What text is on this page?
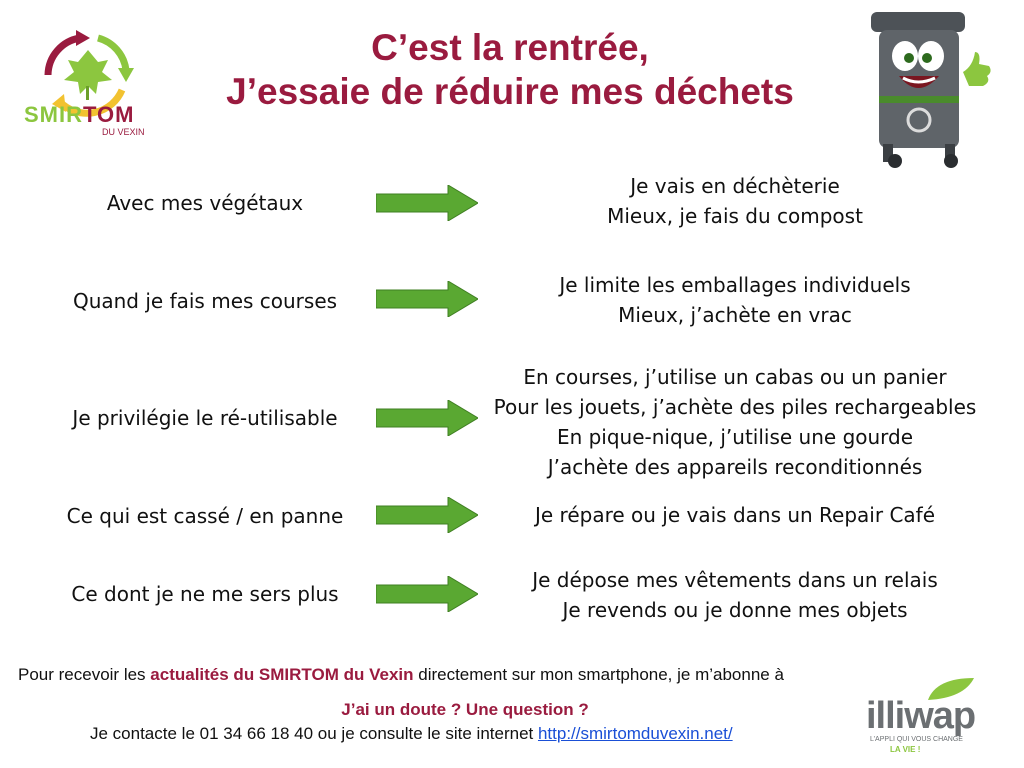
SMIRTOM
DU VEXIN
C’est la rentrée,
J’essaie de réduire mes déchets
Avec mes végétaux
Je vais en déchèterie
Mieux, je fais du compost
Quand je fais mes courses
Je limite les emballages individuels
Mieux, j’achète en vrac
Je privilégie le ré-utilisable
En courses, j’utilise un cabas ou un panier
Pour les jouets, j’achète des piles rechargeables
En pique-nique, j’utilise une gourde
J’achète des appareils reconditionnés
Ce qui est cassé / en panne	Je répare ou je vais dans un Repair Café
Ce dont je ne me sers plus
Je dépose mes vêtements dans un relais
Je revends ou je donne mes objets
Pour recevoir les actualités du SMIRTOM du Vexin directement sur mon smartphone, je m’abonne à
J’ai un doute ? Une question ?
Je contacte le 01 34 66 18 40 ou je consulte le site internet http://smirtomduvexin.net/	illiwap
L’APPLI QUI VOUS CHANGE
LA VIE !
